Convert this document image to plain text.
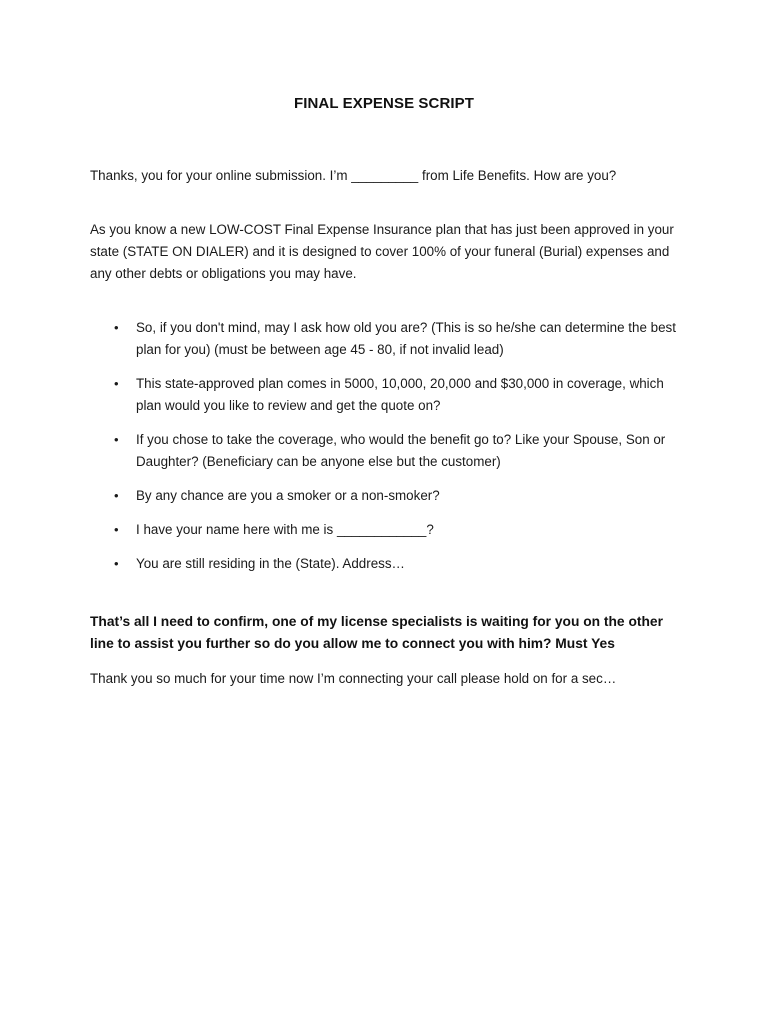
FINAL EXPENSE SCRIPT
Thanks, you for your online submission. I’m _________ from Life Benefits. How are you?
As you know a new LOW-COST Final Expense Insurance plan that has just been approved in your state (STATE ON DIALER) and it is designed to cover 100% of your funeral (Burial) expenses and any other debts or obligations you may have.
•	So, if you don't mind, may I ask how old you are? (This is so he/she can determine the best plan for you) (must be between age 45 - 80, if not invalid lead)
•	This state-approved plan comes in 5000, 10,000, 20,000 and $30,000 in coverage, which plan would you like to review and get the quote on?
•	If you chose to take the coverage, who would the benefit go to? Like your Spouse, Son or Daughter? (Beneficiary can be anyone else but the customer)
•	By any chance are you a smoker or a non-smoker?
•	I have your name here with me is ____________?
•	You are still residing in the (State). Address…
That’s all I need to confirm, one of my license specialists is waiting for you on the other line to assist you further so do you allow me to connect you with him? Must Yes
Thank you so much for your time now I’m connecting your call please hold on for a sec…
